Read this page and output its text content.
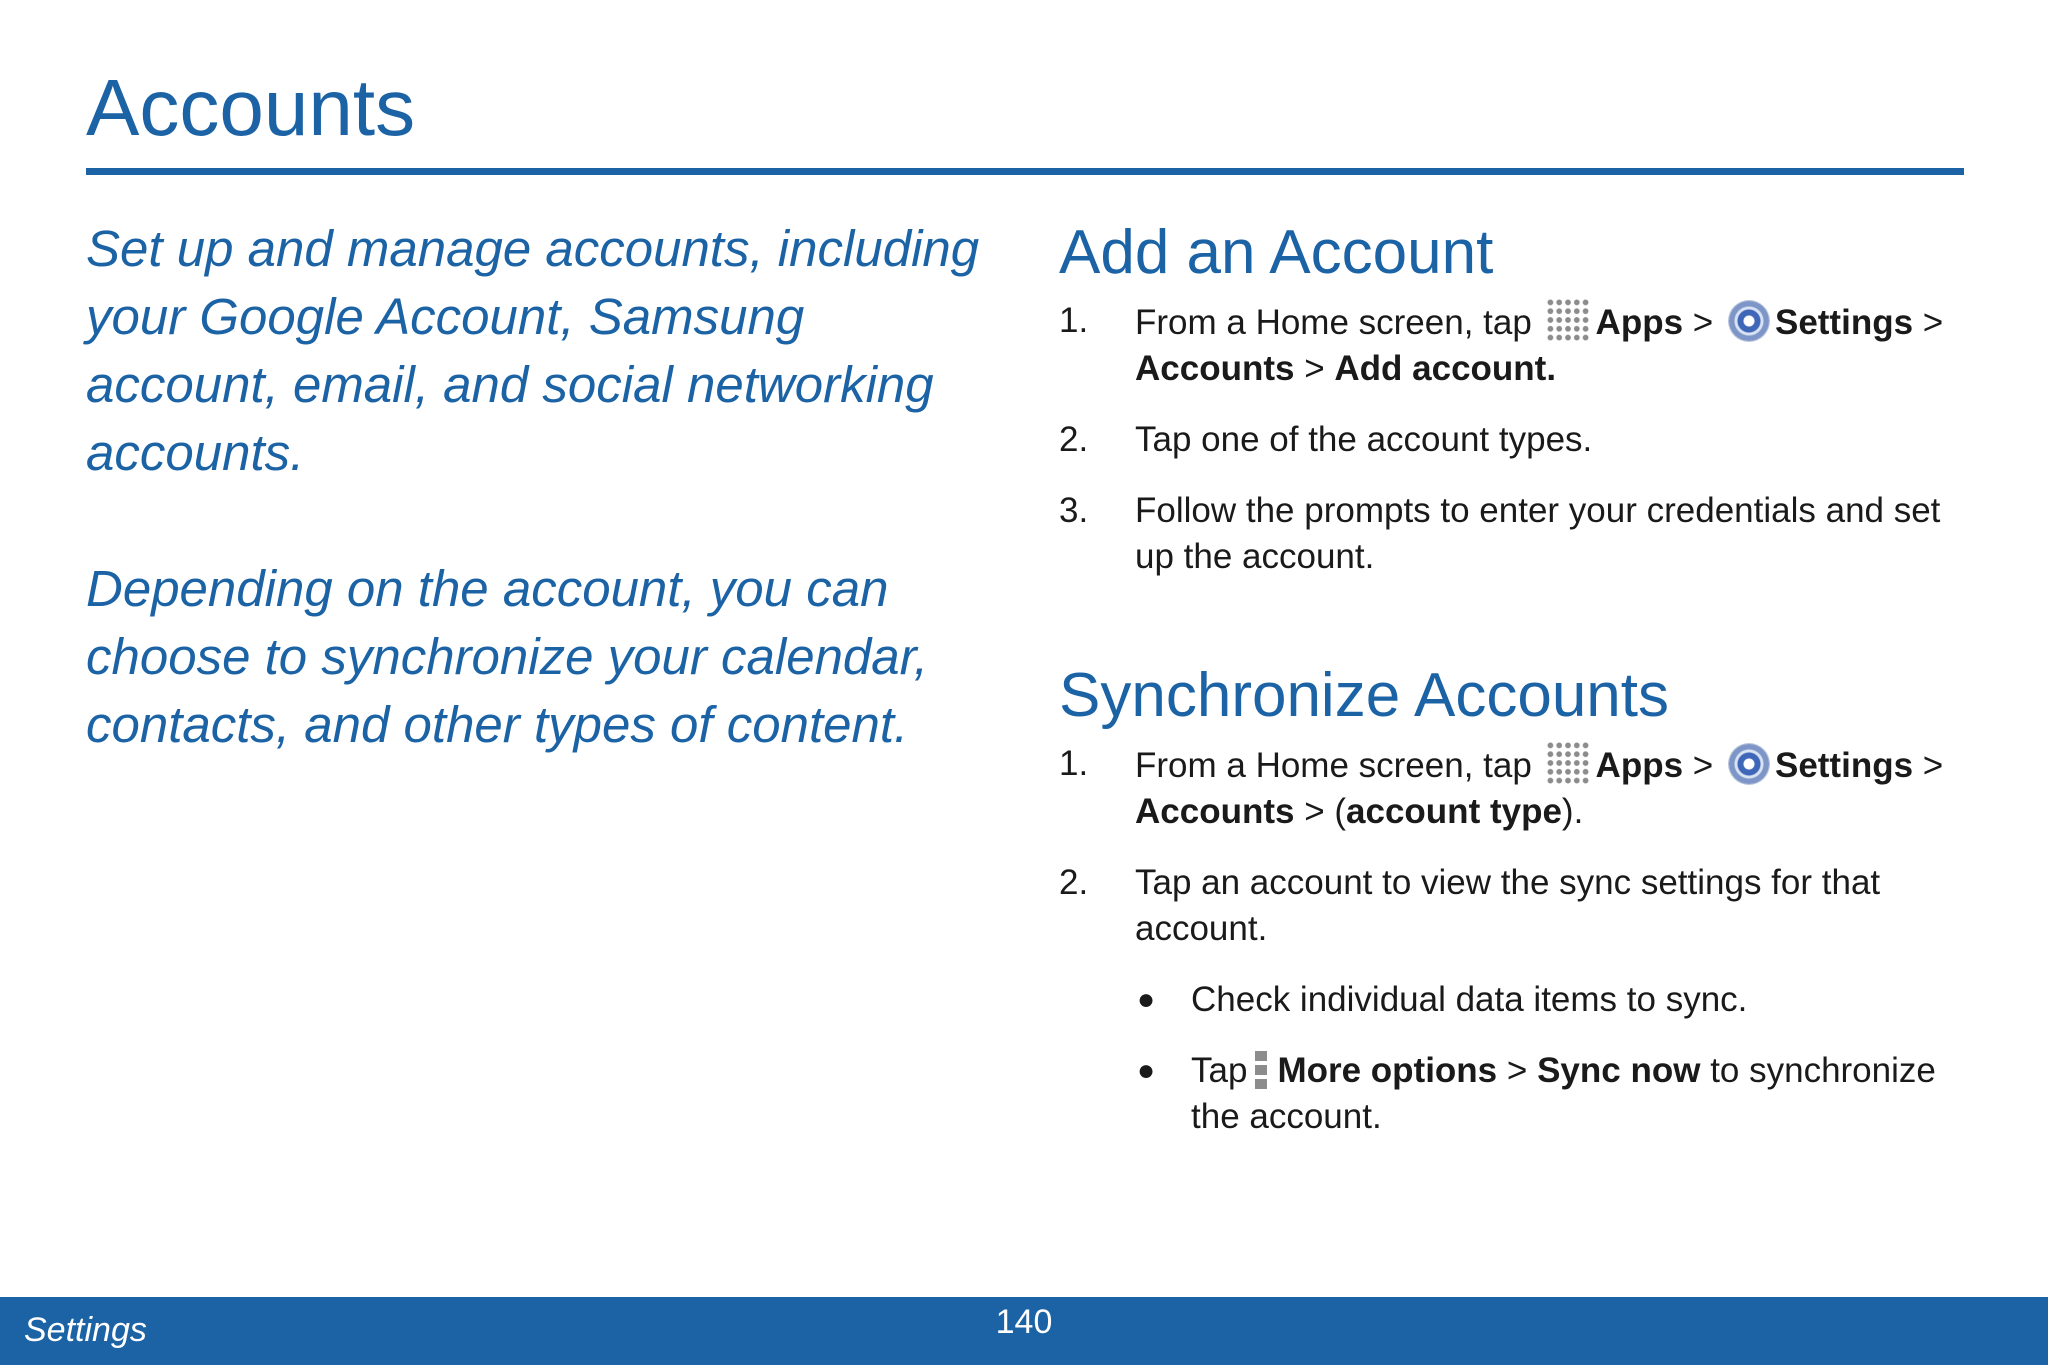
Accounts

Set up and manage accounts, including your Google Account, Samsung account, email, and social networking accounts.

Depending on the account, you can choose to synchronize your calendar, contacts, and other types of content.

Add an Account
1. From a Home screen, tap Apps > Settings > Accounts > Add account.
2. Tap one of the account types.
3. Follow the prompts to enter your credentials and set up the account.
Synchronize Accounts
1. From a Home screen, tap Apps > Settings > Accounts > (account type).
2. Tap an account to view the sync settings for that account.
● Check individual data items to sync.
● Tap More options > Sync now to synchronize the account.
Settings	140
